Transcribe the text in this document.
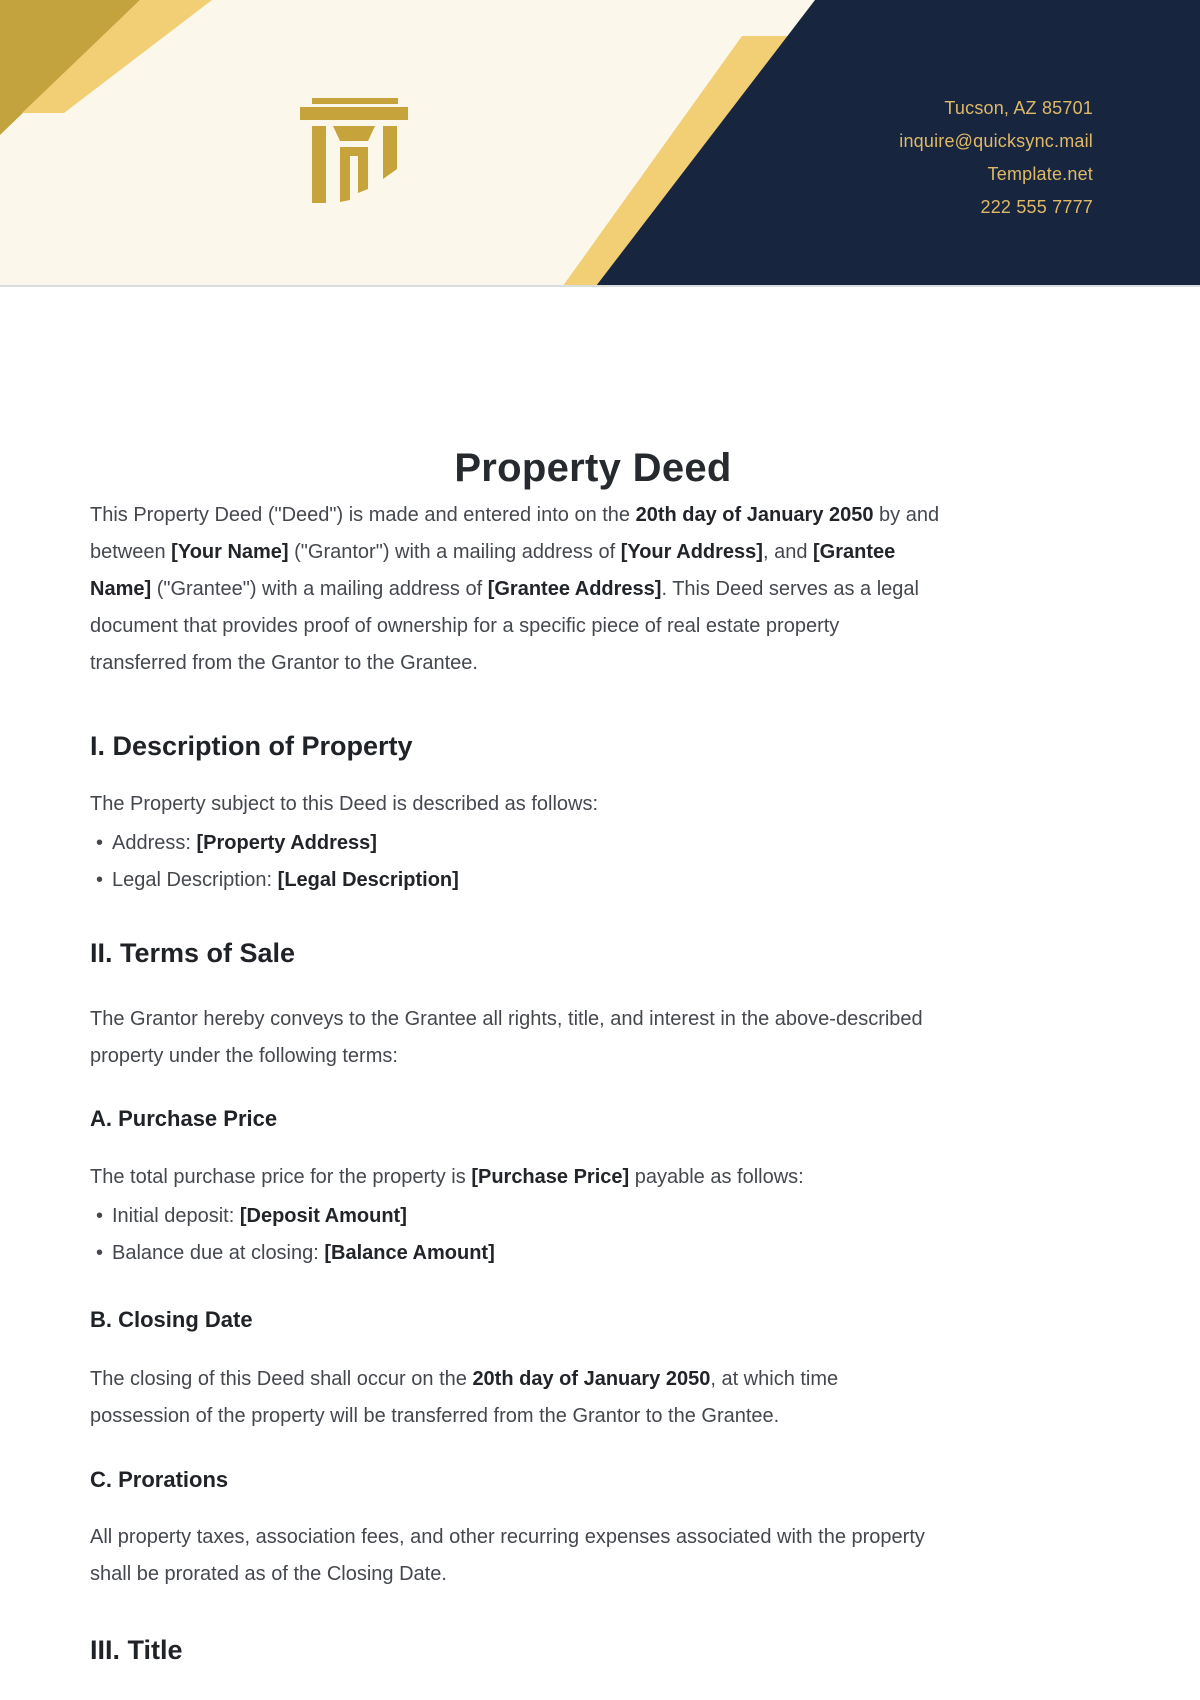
Tucson, AZ 85701
inquire@quicksync.mail
Template.net
222 555 7777
Property Deed

This Property Deed ("Deed") is made and entered into on the 20th day of January 2050 by and
between [Your Name] ("Grantor") with a mailing address of [Your Address], and [Grantee
Name] ("Grantee") with a mailing address of [Grantee Address]. This Deed serves as a legal
document that provides proof of ownership for a specific piece of real estate property
transferred from the Grantor to the Grantee.

I. Description of Property

The Property subject to this Deed is described as follows:

• Address: [Property Address]
• Legal Description: [Legal Description]
II. Terms of Sale

The Grantor hereby conveys to the Grantee all rights, title, and interest in the above-described
property under the following terms:

A. Purchase Price

The total purchase price for the property is [Purchase Price] payable as follows:

• Initial deposit: [Deposit Amount]
• Balance due at closing: [Balance Amount]
B. Closing Date

The closing of this Deed shall occur on the 20th day of January 2050, at which time
possession of the property will be transferred from the Grantor to the Grantee.

C. Prorations

All property taxes, association fees, and other recurring expenses associated with the property
shall be prorated as of the Closing Date.

III. Title
